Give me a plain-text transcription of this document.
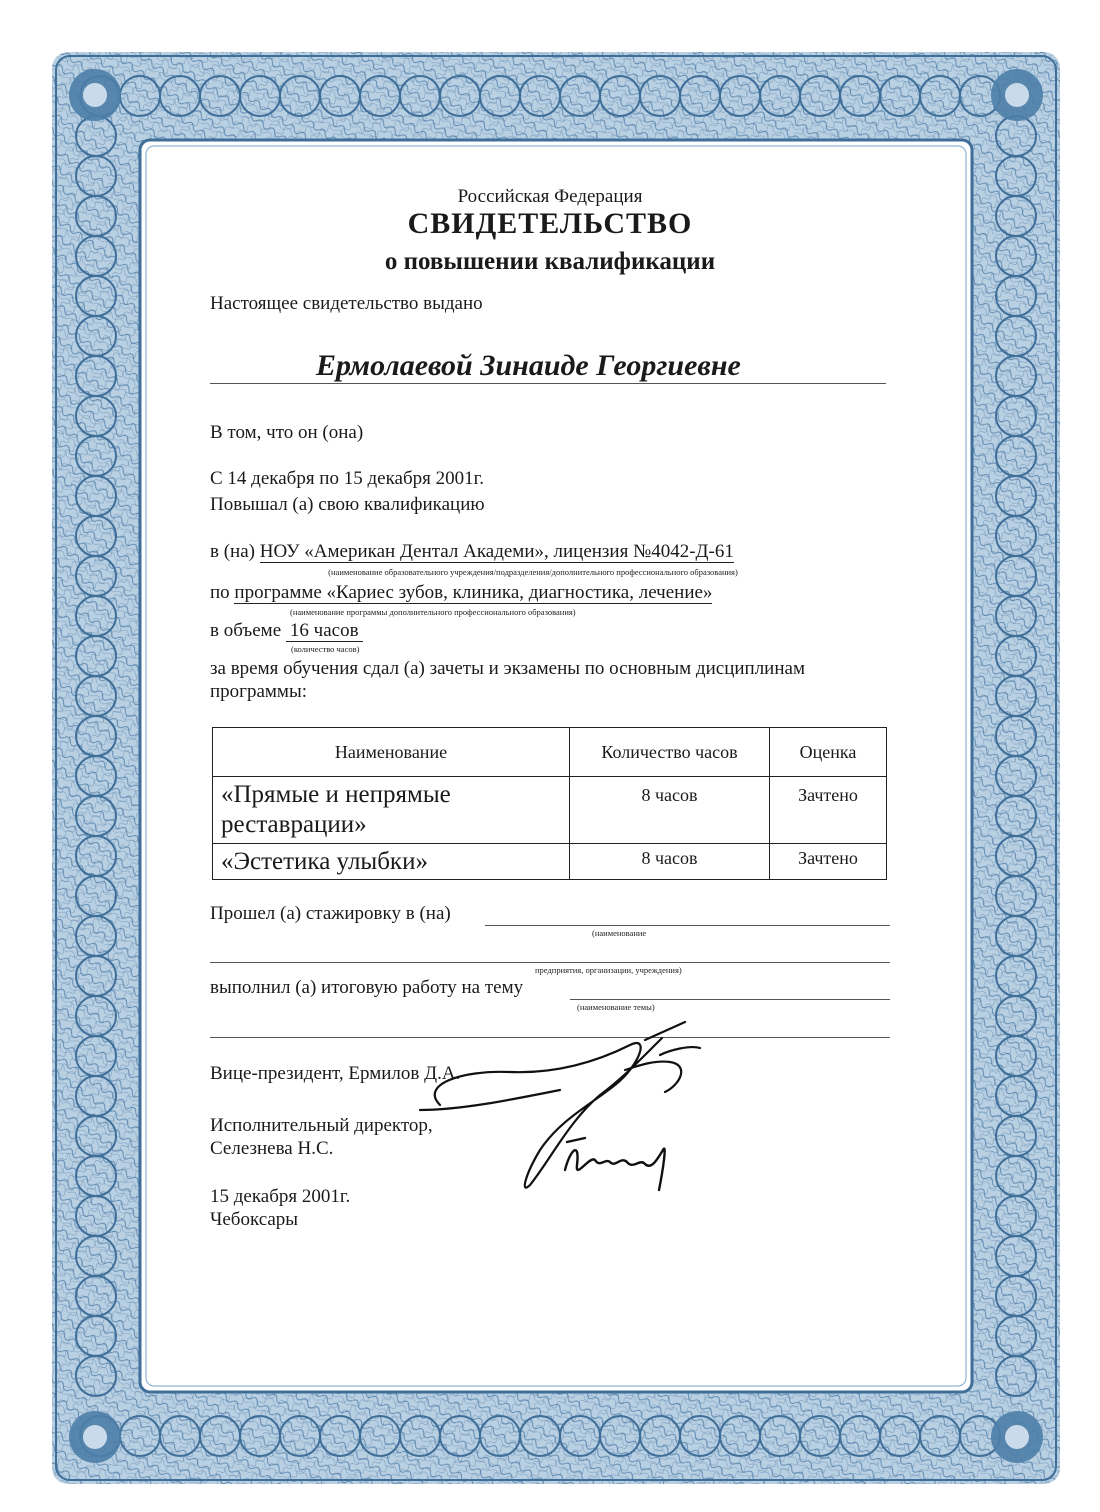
Российская Федерация
СВИДЕТЕЛЬСТВО
о повышении квалификации
Настоящее свидетельство выдано
Ермолаевой Зинаиде Георгиевне
В том, что он (она)
С 14 декабря по 15 декабря 2001г.
Повышал (а) свою квалификацию
в (на) НОУ «Американ Дентал Академи», лицензия №4042-Д-61
(наименование образовательного учреждения/подразделения/дополнительного профессионального образования)
по программе «Кариес зубов, клиника, диагностика, лечение»
(наименование программы дополнительного профессионального образования)
в объеме 16 часов
(количество часов)
за время обучения сдал (а) зачеты и экзамены по основным дисциплинам
программы:
Наименование	Количество часов	Оценка
«Прямые и непрямые реставрации»	8 часов	Зачтено
«Эстетика улыбки»	8 часов	Зачтено
Прошел (а) стажировку в (на)
(наименование
предприятия, организации, учреждения)
выполнил (а) итоговую работу на тему
(наименование темы)
Вице-президент, Ермилов Д.А.
Исполнительный директор,
Селезнева Н.С.
15 декабря 2001г.
Чебоксары
